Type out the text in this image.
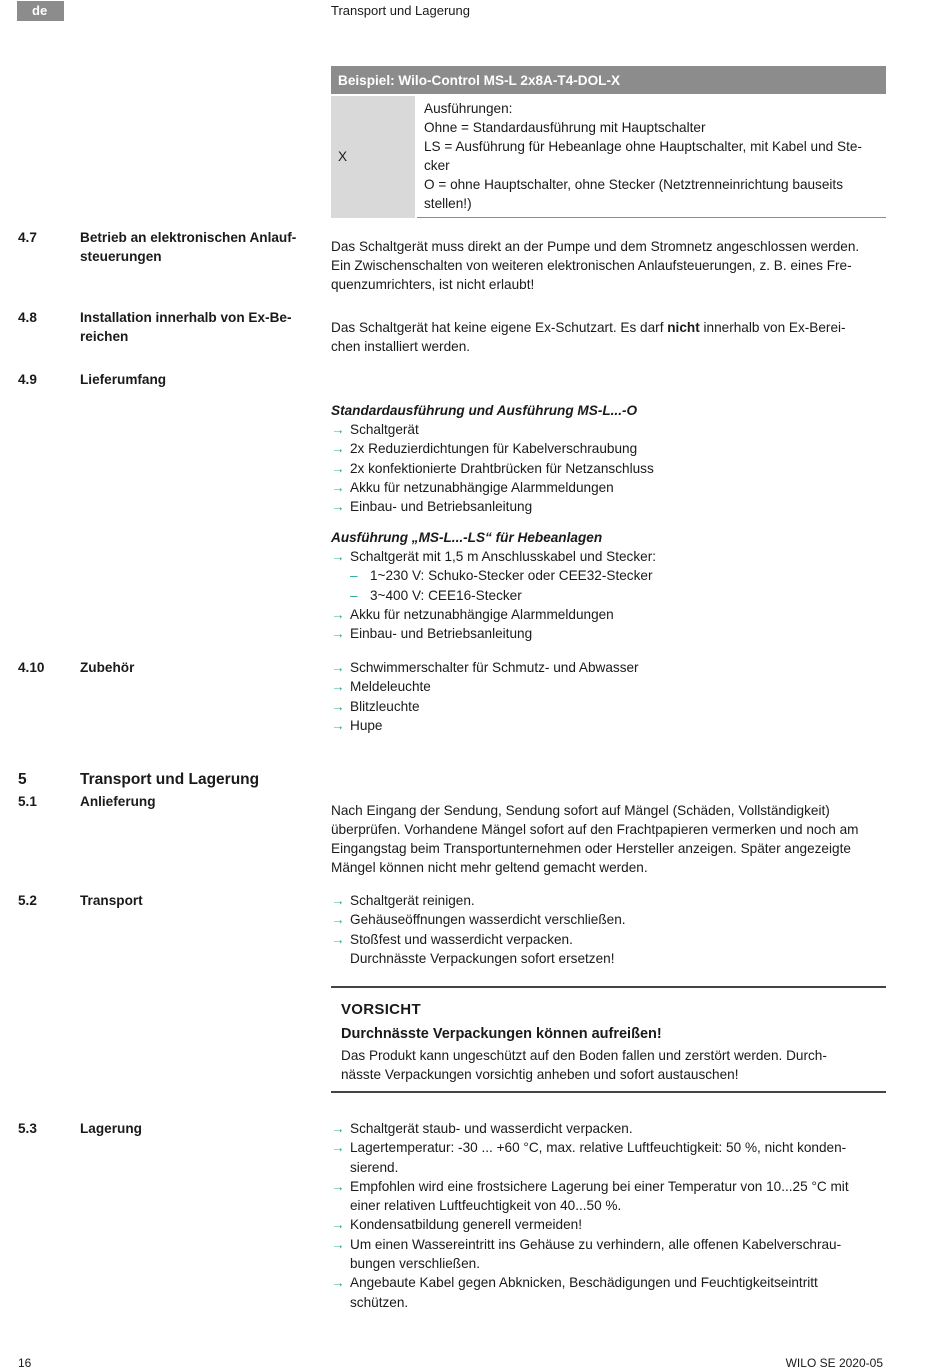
de	Transport und Lagerung
Beispiel: Wilo-Control MS-L 2x8A-T4-DOL-X
X	
Ausführungen:
Ohne = Standardausführung mit Hauptschalter
LS = Ausführung für Hebeanlage ohne Hauptschalter, mit Kabel und Ste-
cker
O = ohne Hauptschalter, ohne Stecker (Netztrenneinrichtung bauseits
stellen!)
4.7	Betrieb an elektronischen Anlauf-
steuerungen
Das Schaltgerät muss direkt an der Pumpe und dem Stromnetz angeschlossen werden.
Ein Zwischenschalten von weiteren elektronischen Anlaufsteuerungen, z. B. eines Fre-
quenzumrichters, ist nicht erlaubt!
4.8	Installation innerhalb von Ex-Be-
reichen
Das Schaltgerät hat keine eigene Ex-Schutzart. Es darf nicht innerhalb von Ex-Berei-
chen installiert werden.
4.9	Lieferumfang
Standardausführung und Ausführung MS-L...-O
→ Schaltgerät
→ 2x Reduzierdichtungen für Kabelverschraubung
→ 2x konfektionierte Drahtbrücken für Netzanschluss
→ Akku für netzunabhängige Alarmmeldungen
→ Einbau- und Betriebsanleitung
Ausführung „MS-L...-LS“ für Hebeanlagen
→ Schaltgerät mit 1,5 m Anschlusskabel und Stecker:
– 1~230 V: Schuko-Stecker oder CEE32-Stecker
– 3~400 V: CEE16-Stecker
→ Akku für netzunabhängige Alarmmeldungen
→ Einbau- und Betriebsanleitung
4.10	Zubehör	→ Schwimmerschalter für Schmutz- und Abwasser
→ Meldeleuchte
→ Blitzleuchte
→ Hupe
5	Transport und Lagerung
5.1	Anlieferung
Nach Eingang der Sendung, Sendung sofort auf Mängel (Schäden, Vollständigkeit)
überprüfen. Vorhandene Mängel sofort auf den Frachtpapieren vermerken und noch am
Eingangstag beim Transportunternehmen oder Hersteller anzeigen. Später angezeigte
Mängel können nicht mehr geltend gemacht werden.
5.2	Transport	→ Schaltgerät reinigen.
→ Gehäuseöffnungen wasserdicht verschließen.
→ Stoßfest und wasserdicht verpacken.
Durchnässte Verpackungen sofort ersetzen!
VORSICHT
Durchnässte Verpackungen können aufreißen!
Das Produkt kann ungeschützt auf den Boden fallen und zerstört werden. Durch-
nässte Verpackungen vorsichtig anheben und sofort austauschen!
5.3	Lagerung	→ Schaltgerät staub- und wasserdicht verpacken.
→ Lagertemperatur: -30 ... +60 °C, max. relative Luftfeuchtigkeit: 50 %, nicht konden-
sierend.
→ Empfohlen wird eine frostsichere Lagerung bei einer Temperatur von 10...25 °C mit
einer relativen Luftfeuchtigkeit von 40...50 %.
→ Kondensatbildung generell vermeiden!
→ Um einen Wassereintritt ins Gehäuse zu verhindern, alle offenen Kabelverschrau-
bungen verschließen.
→ Angebaute Kabel gegen Abknicken, Beschädigungen und Feuchtigkeitseintritt
schützen.
16	WILO SE 2020-05
